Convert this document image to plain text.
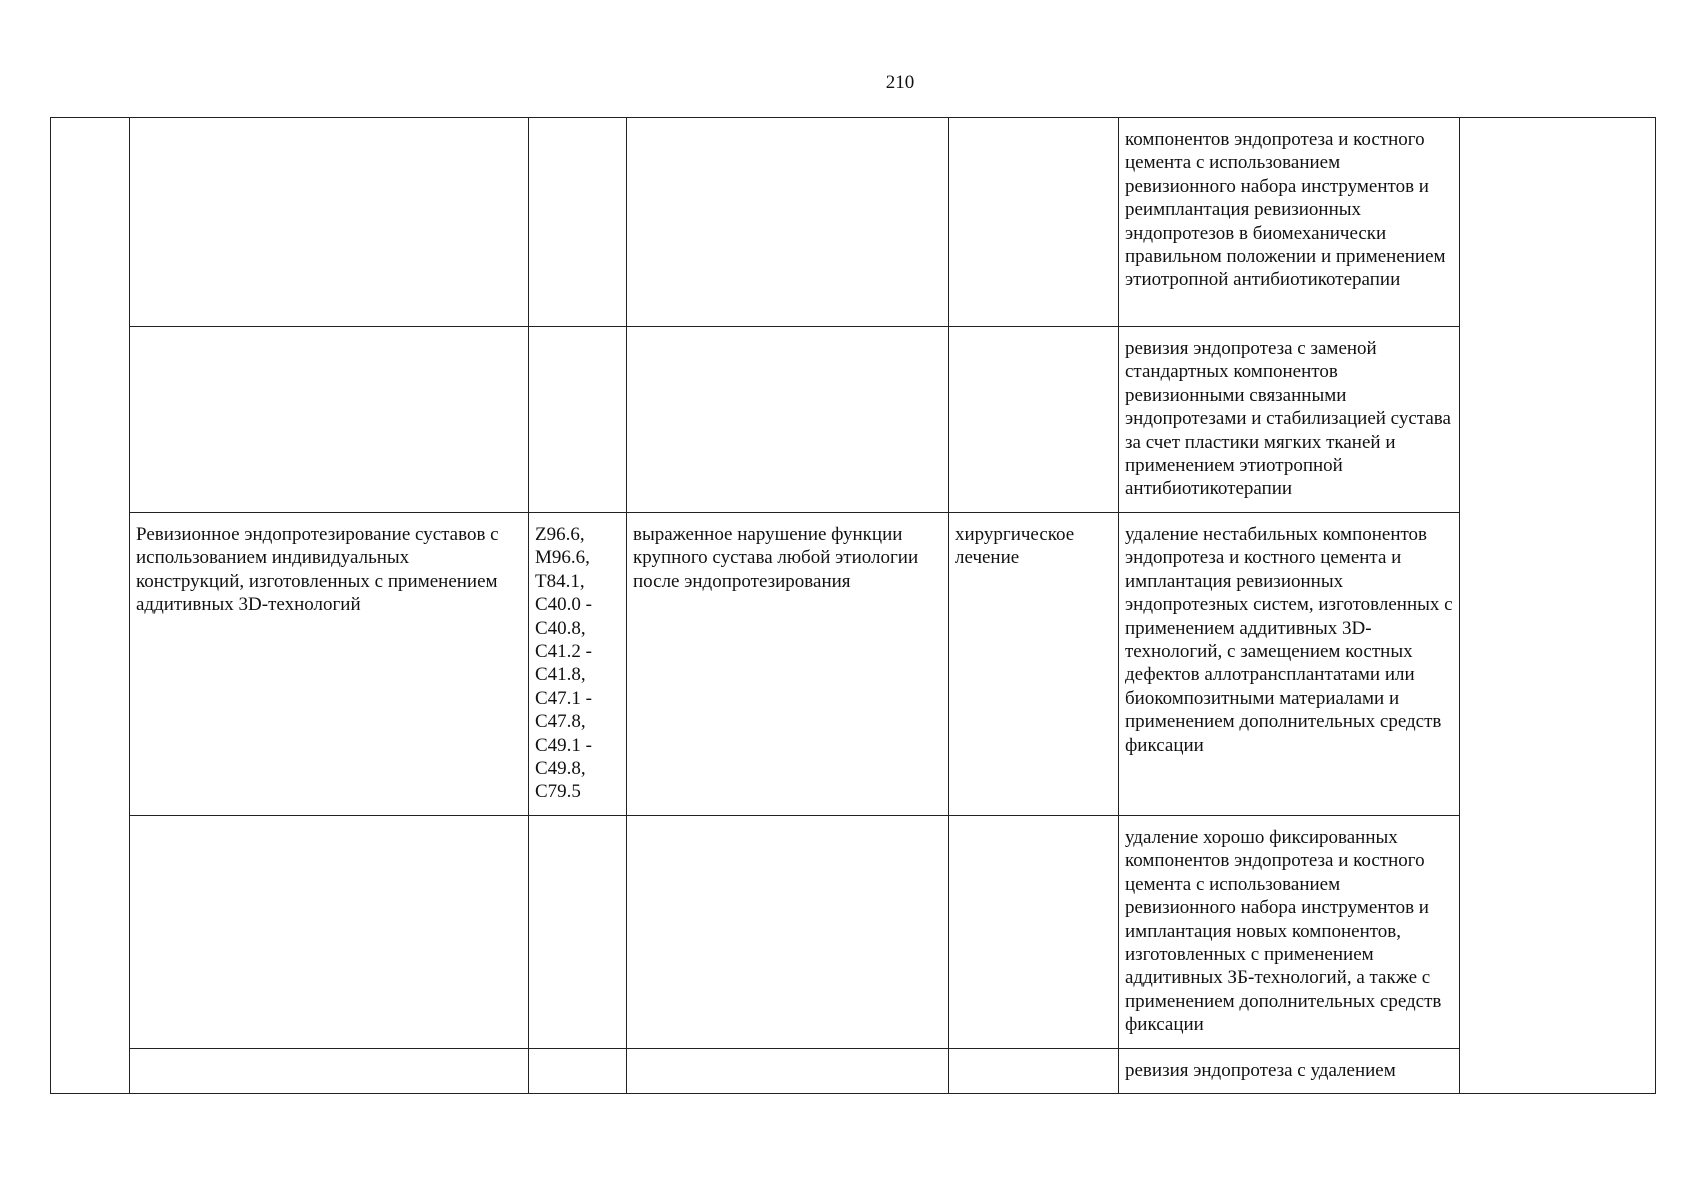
210
					компонентов эндопротеза и костного цемента с использованием ревизионного набора инструментов и реимплантация ревизионных эндопротезов в биомеханически правильном положении и применением этиотропной антибиотикотерапии	
					ревизия эндопротеза с заменой стандартных компонентов ревизионными связанными эндопротезами и стабилизацией сустава за счет пластики мягких тканей и применением этиотропной антибиотикотерапии	
	Ревизионное эндопротезирование суставов с использованием индивидуальных конструкций, изготовленных с применением аддитивных 3D-технологий	Z96.6, M96.6, T84.1, C40.0 - C40.8, C41.2 - C41.8, C47.1 - C47.8, C49.1 - C49.8, C79.5	выраженное нарушение функции крупного сустава любой этиологии после эндопротезирования	хирургическое лечение	удаление нестабильных компонентов эндопротеза и костного цемента и имплантация ревизионных эндопротезных систем, изготовленных с применением аддитивных 3D-технологий, с замещением костных дефектов аллотрансплантатами или биокомпозитными материалами и применением дополнительных средств фиксации	
					удаление хорошо фиксированных компонентов эндопротеза и костного цемента с использованием ревизионного набора инструментов и имплантация новых компонентов, изготовленных с применением аддитивных ЗБ-технологий, а также с применением дополнительных средств фиксации	
					ревизия эндопротеза с удалением	
